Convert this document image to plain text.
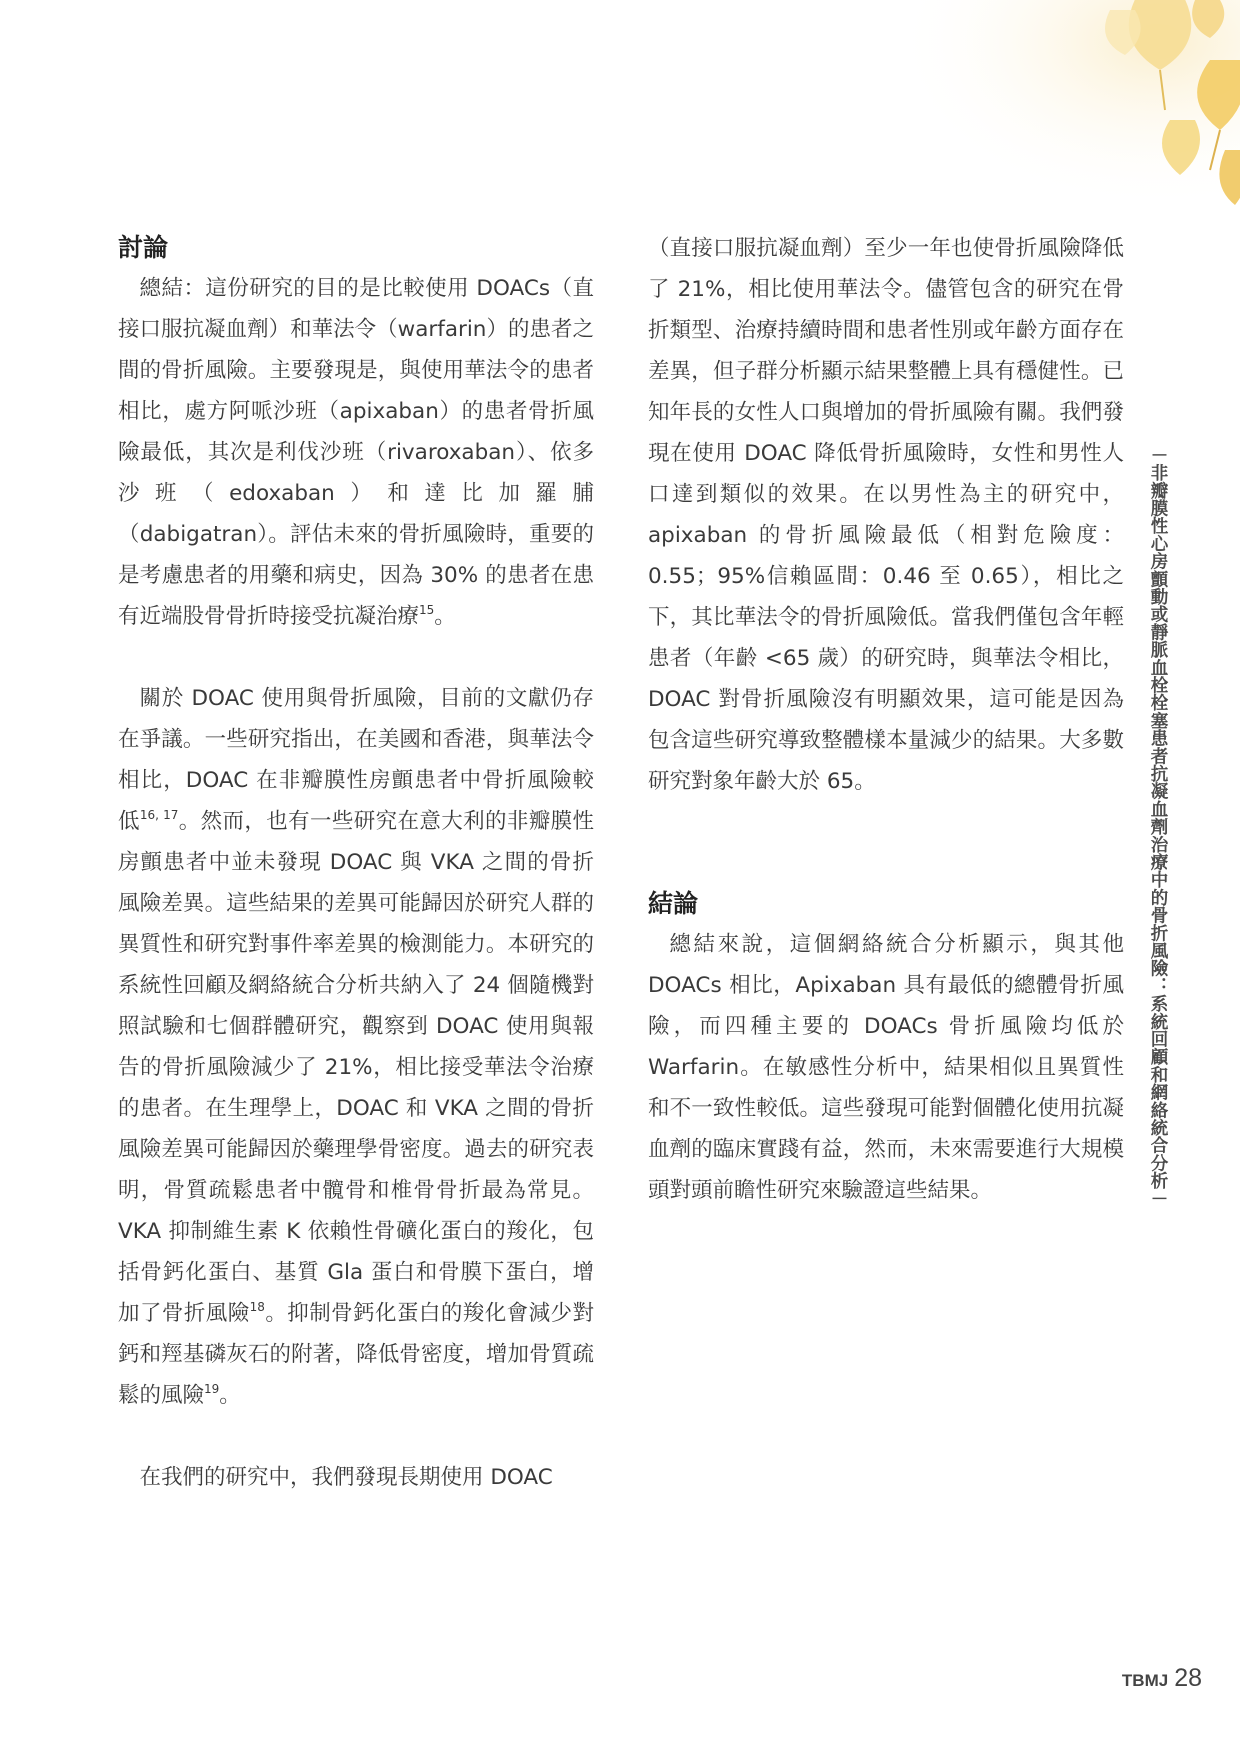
討論

總結：這份研究的目的是比較使用 DOACs（直接口服抗凝血劑）和華法令（warfarin）的患者之間的骨折風險。主要發現是，與使用華法令的患者相比，處方阿哌沙班（apixaban）的患者骨折風險最低，其次是利伐沙班（rivaroxaban）、依多沙班（edoxaban）和達比加羅脯（dabigatran）。評估未來的骨折風險時，重要的是考慮患者的用藥和病史，因為 30% 的患者在患有近端股骨骨折時接受抗凝治療$^{15}$。

關於 DOAC 使用與骨折風險，目前的文獻仍存在爭議。一些研究指出，在美國和香港，與華法令相比，DOAC 在非瓣膜性房顫患者中骨折風險較低$^{16, 17}$。然而，也有一些研究在意大利的非瓣膜性房顫患者中並未發現 DOAC 與 VKA 之間的骨折風險差異。這些結果的差異可能歸因於研究人群的異質性和研究對事件率差異的檢測能力。本研究的系統性回顧及網絡統合分析共納入了 24 個隨機對照試驗和七個群體研究，觀察到 DOAC 使用與報告的骨折風險減少了 21%，相比接受華法令治療的患者。在生理學上，DOAC 和 VKA 之間的骨折風險差異可能歸因於藥理學骨密度。過去的研究表明，骨質疏鬆患者中髖骨和椎骨骨折最為常見。VKA 抑制維生素 K 依賴性骨礦化蛋白的羧化，包括骨鈣化蛋白、基質 Gla 蛋白和骨膜下蛋白，增加了骨折風險$^{18}$。抑制骨鈣化蛋白的羧化會減少對鈣和羥基磷灰石的附著，降低骨密度，增加骨質疏鬆的風險$^{19}$。

在我們的研究中，我們發現長期使用 DOAC

（直接口服抗凝血劑）至少一年也使骨折風險降低了 21%，相比使用華法令。儘管包含的研究在骨折類型、治療持續時間和患者性別或年齡方面存在差異，但子群分析顯示結果整體上具有穩健性。已知年長的女性人口與增加的骨折風險有關。我們發現在使用 DOAC 降低骨折風險時，女性和男性人口達到類似的效果。在以男性為主的研究中，apixaban 的骨折風險最低（相對危險度：0.55；95%信賴區間：0.46 至 0.65），相比之下，其比華法令的骨折風險低。當我們僅包含年輕患者（年齡 <65 歲）的研究時，與華法令相比，DOAC 對骨折風險沒有明顯效果，這可能是因為包含這些研究導致整體樣本量減少的結果。大多數研究對象年齡大於 65。

結論

總結來說，這個網絡統合分析顯示，與其他 DOACs 相比，Apixaban 具有最低的總體骨折風險，而四種主要的 DOACs 骨折風險均低於 Warfarin。在敏感性分析中，結果相似且異質性和不一致性較低。這些發現可能對個體化使用抗凝血劑的臨床實踐有益，然而，未來需要進行大規模頭對頭前瞻性研究來驗證這些結果。	－非瓣膜性心房顫動或靜脈血栓栓塞患者抗凝血劑治療中的骨折風險：系統回顧和網絡統合分析－
TBMJ 28
